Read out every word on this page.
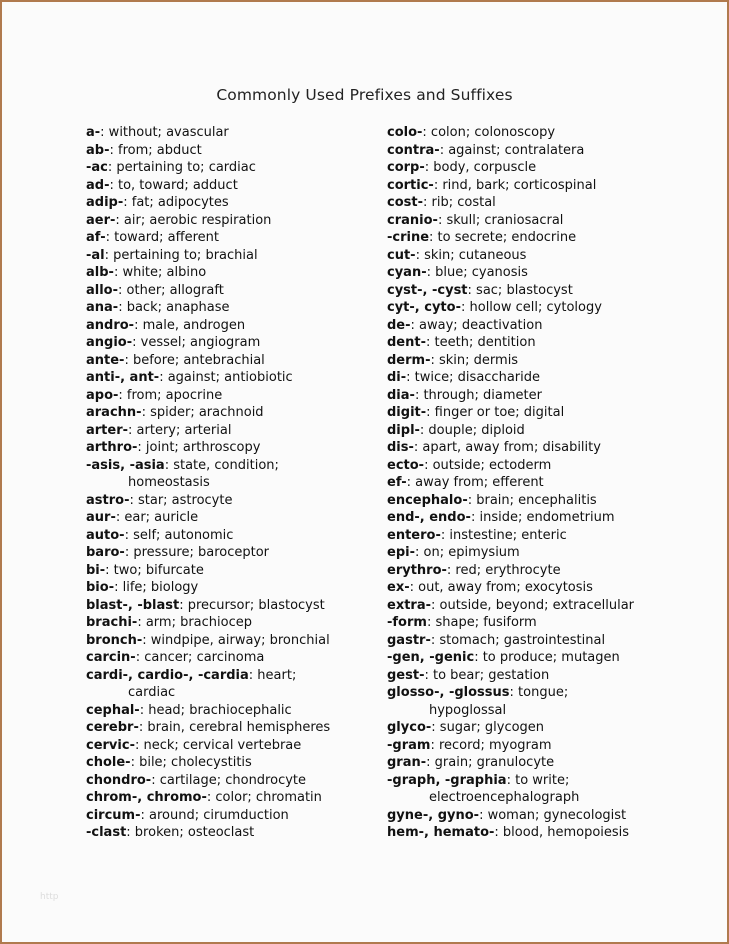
Commonly Used Prefixes and Suffixes
a-: without; avascular
ab-: from; abduct
-ac: pertaining to; cardiac
ad-: to, toward; adduct
adip-: fat; adipocytes
aer-: air; aerobic respiration
af-: toward; afferent
-al: pertaining to; brachial
alb-: white; albino
allo-: other; allograft
ana-: back; anaphase
andro-: male, androgen
angio-: vessel; angiogram
ante-: before; antebrachial
anti-, ant-: against; antiobiotic
apo-: from; apocrine
arachn-: spider; arachnoid
arter-: artery; arterial
arthro-: joint; arthroscopy
-asis, -asia: state, condition;
homeostasis
astro-: star; astrocyte
aur-: ear; auricle
auto-: self; autonomic
baro-: pressure; baroceptor
bi-: two; bifurcate
bio-: life; biology
blast-, -blast: precursor; blastocyst
brachi-: arm; brachiocep
bronch-: windpipe, airway; bronchial
carcin-: cancer; carcinoma
cardi-, cardio-, -cardia: heart;
cardiac
cephal-: head; brachiocephalic
cerebr-: brain, cerebral hemispheres
cervic-: neck; cervical vertebrae
chole-: bile; cholecystitis
chondro-: cartilage; chondrocyte
chrom-, chromo-: color; chromatin
circum-: around; cirumduction
-clast: broken; osteoclast
colo-: colon; colonoscopy
contra-: against; contralatera
corp-: body, corpuscle
cortic-: rind, bark; corticospinal
cost-: rib; costal
cranio-: skull; craniosacral
-crine: to secrete; endocrine
cut-: skin; cutaneous
cyan-: blue; cyanosis
cyst-, -cyst: sac; blastocyst
cyt-, cyto-: hollow cell; cytology
de-: away; deactivation
dent-: teeth; dentition
derm-: skin; dermis
di-: twice; disaccharide
dia-: through; diameter
digit-: finger or toe; digital
dipl-: douple; diploid
dis-: apart, away from; disability
ecto-: outside; ectoderm
ef-: away from; efferent
encephalo-: brain; encephalitis
end-, endo-: inside; endometrium
entero-: instestine; enteric
epi-: on; epimysium
erythro-: red; erythrocyte
ex-: out, away from; exocytosis
extra-: outside, beyond; extracellular
-form: shape; fusiform
gastr-: stomach; gastrointestinal
-gen, -genic: to produce; mutagen
gest-: to bear; gestation
glosso-, -glossus: tongue;
hypoglossal
glyco-: sugar; glycogen
-gram: record; myogram
gran-: grain; granulocyte
-graph, -graphia: to write;
electroencephalograph
gyne-, gyno-: woman; gynecologist
hem-, hemato-: blood, hemopoiesis
http
